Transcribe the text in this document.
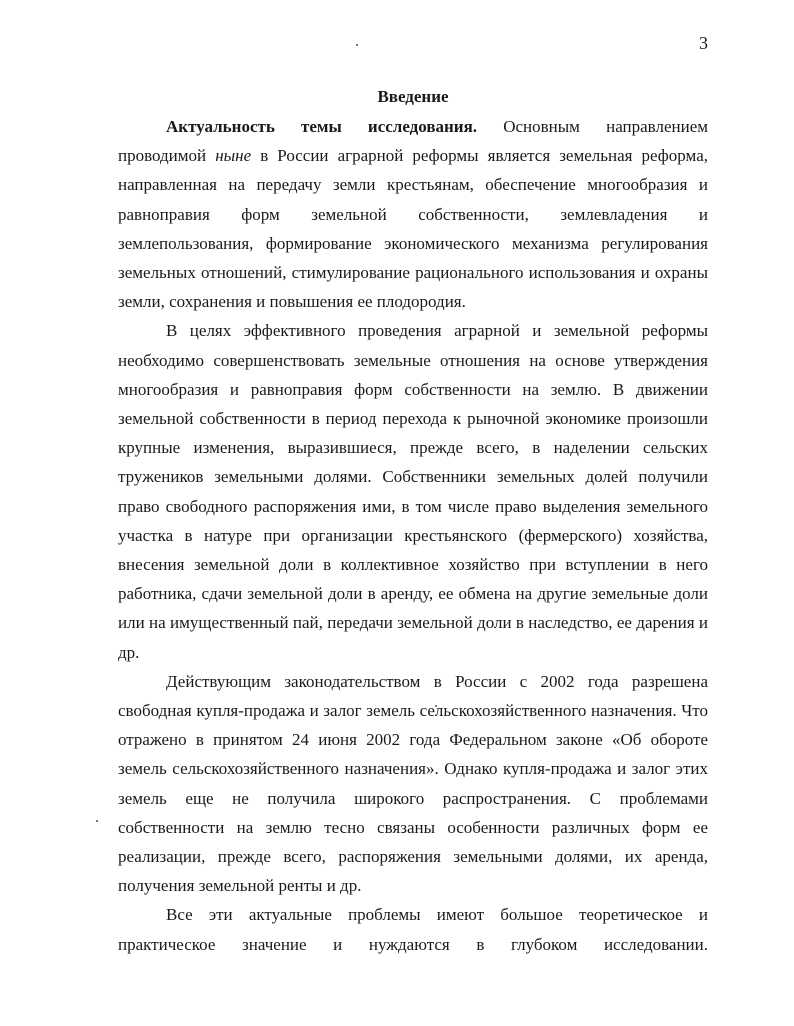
3
Введение

Актуальность темы исследования. Основным направлением проводимой ныне в России аграрной реформы является земельная реформа, направленная на передачу земли крестьянам, обеспечение многообразия и равноправия форм земельной собственности, землевладения и землепользования, формирование экономического механизма регулирования земельных отношений, стимулирование рационального использования и охраны земли, сохранения и повышения ее плодородия.

В целях эффективного проведения аграрной и земельной реформы необходимо совершенствовать земельные отношения на основе утверждения многообразия и равноправия форм собственности на землю. В движении земельной собственности в период перехода к рыночной экономике произошли крупные изменения, выразившиеся, прежде всего, в наделении сельских тружеников земельными долями. Собственники земельных долей получили право свободного распоряжения ими, в том числе право выделения земельного участка в натуре при организации крестьянского (фермерского) хозяйства, внесения земельной доли в коллективное хозяйство при вступлении в него работника, сдачи земельной доли в аренду, ее обмена на другие земельные доли или на имущественный пай, передачи земельной доли в наследство, ее дарения и др.

Действующим законодательством в России с 2002 года разрешена свободная купля-продажа и залог земель сельскохозяйственного назначения. Что отражено в принятом 24 июня 2002 года Федеральном законе «Об обороте земель сельскохозяйственного назначения». Однако купля-продажа и залог этих земель еще не получила широкого распространения. С проблемами собственности на землю тесно связаны особенности различных форм ее реализации, прежде всего, распоряжения земельными долями, их аренда, получения земельной ренты и др.

Все эти актуальные проблемы имеют большое теоретическое и практическое значение и нуждаются в глубоком исследовании.
